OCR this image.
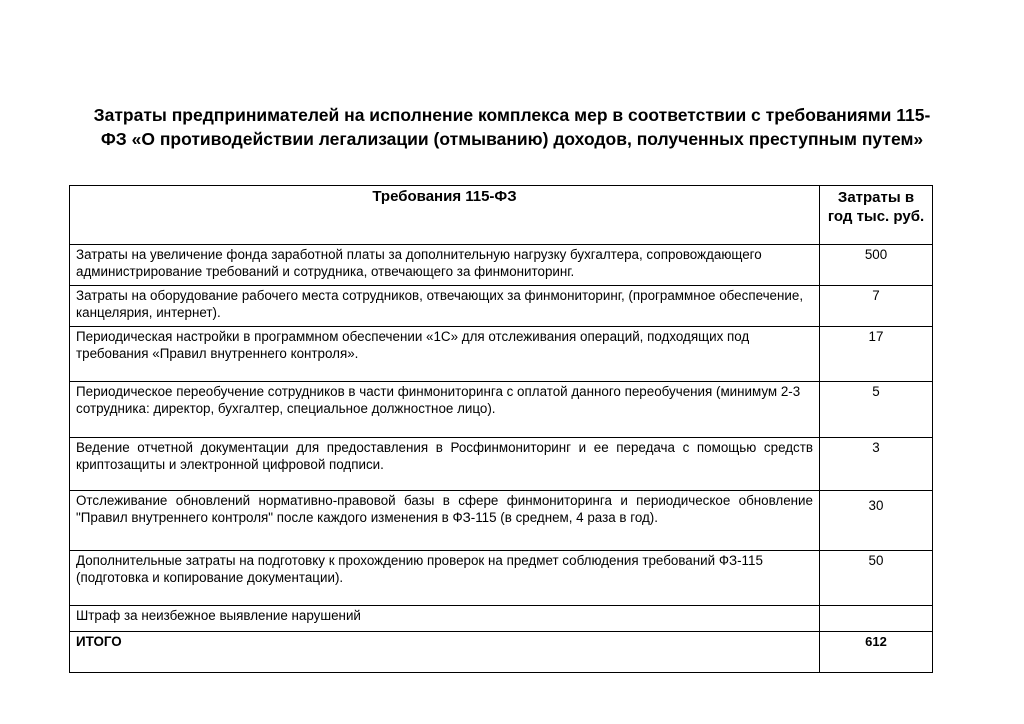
Затраты предпринимателей на исполнение комплекса мер в соответствии с требованиями 115-ФЗ «О противодействии легализации (отмыванию) доходов, полученных преступным путем»
Требования 115-ФЗ	Затраты в год тыс. руб.
Затраты на увеличение фонда заработной платы за дополнительную нагрузку бухгалтера, сопровождающего администрирование требований и сотрудника, отвечающего за финмониторинг.	500
Затраты на оборудование рабочего места сотрудников, отвечающих за финмониторинг, (программное обеспечение, канцелярия, интернет).	7
Периодическая настройки в программном обеспечении «1С» для отслеживания операций, подходящих под требования «Правил внутреннего контроля».	17
Периодическое переобучение сотрудников в части финмониторинга с оплатой данного переобучения (минимум 2-3 сотрудника: директор, бухгалтер, специальное должностное лицо).	5
Ведение отчетной документации для предоставления в Росфинмониторинг и ее передача с помощью средств криптозащиты и электронной цифровой подписи.	3
Отслеживание обновлений нормативно-правовой базы в сфере финмониторинга и периодическое обновление "Правил внутреннего контроля" после каждого изменения в ФЗ-115 (в среднем, 4 раза в год).	30
Дополнительные затраты на подготовку к прохождению проверок на предмет соблюдения требований ФЗ-115 (подготовка и копирование документации).	50
Штраф за неизбежное выявление нарушений	
ИТОГО	612
